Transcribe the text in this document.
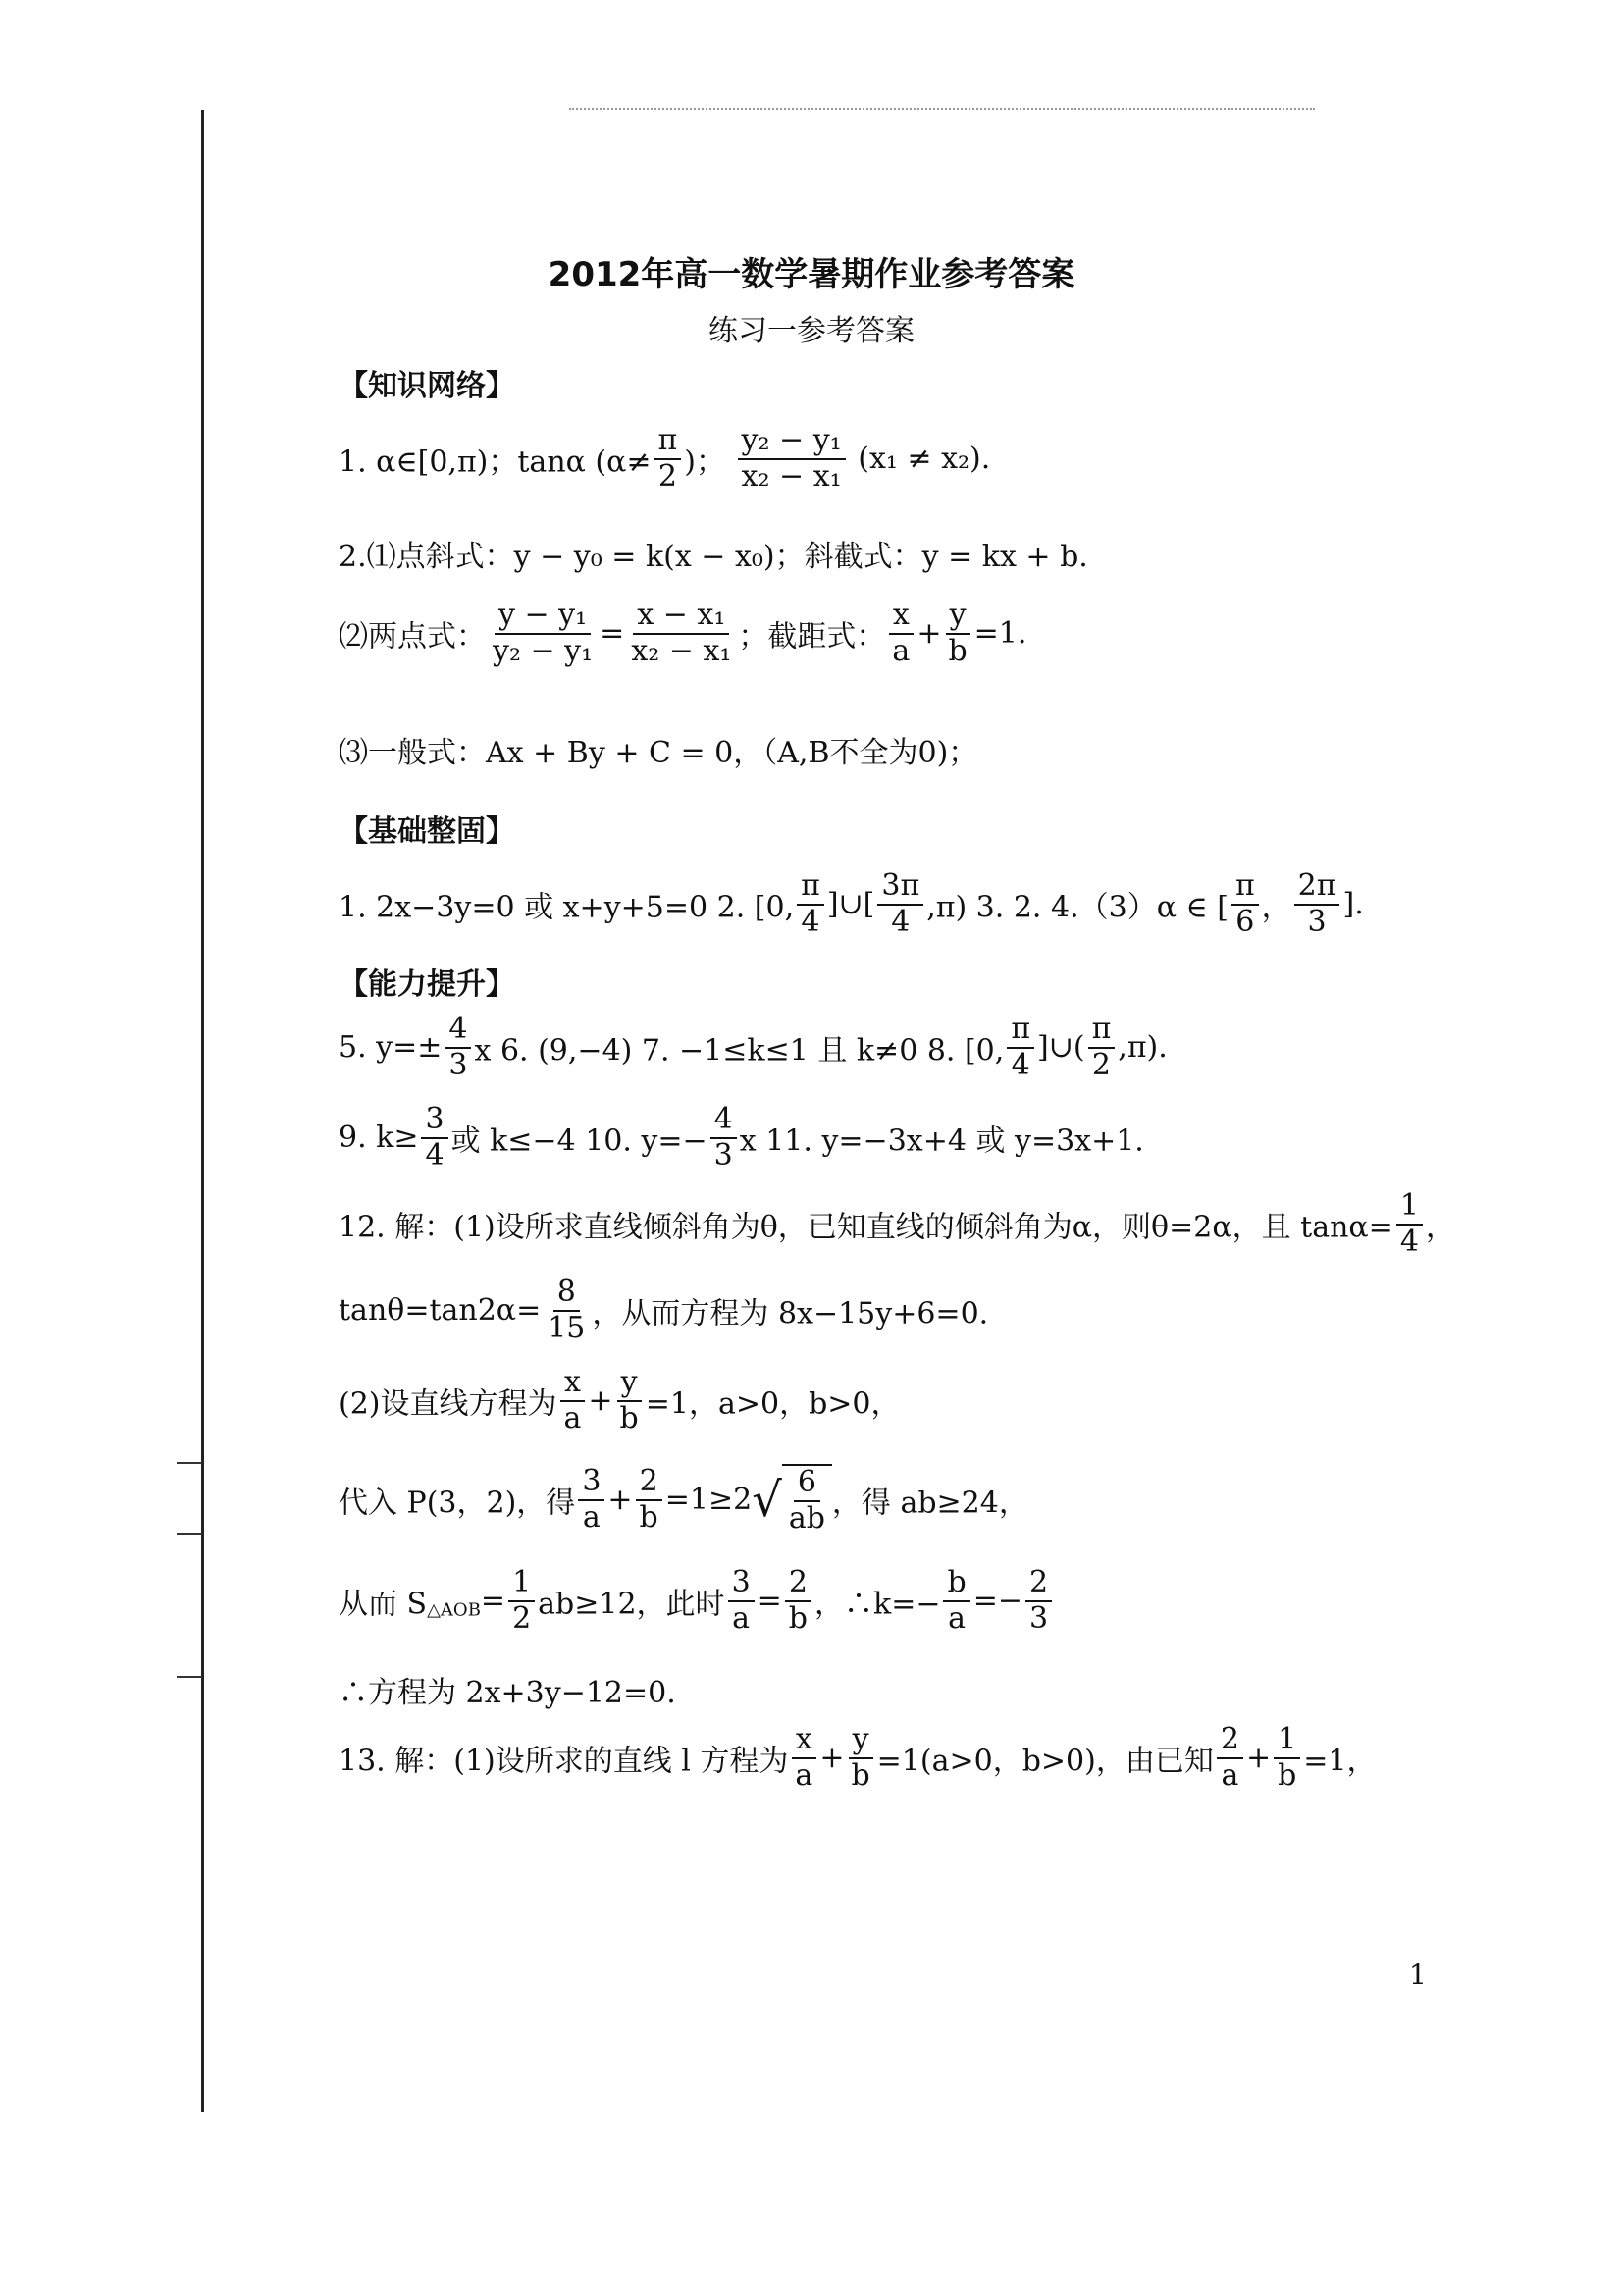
2012年高一数学暑期作业参考答案
练习一参考答案
【知识网络】
1. α∈[0,π)；tanα ($\alpha\ne \frac{\pi}{2}$ )； $\frac{\text{y₂ − y₁}}{\text{x₂ − x₁}} (x_1 \ne x_2)$.
2.⑴点斜式：y − y₀ = k(x − x₀)；斜截式：y = kx + b.
⑵两点式： $\frac{\text{y − y₁}}{\text{y₂ − y₁}} = \frac{\text{x − x₁}}{\text{x₂ − x₁}}$ ；截距式： $\frac{x}{a} + \frac{y}{b} =1$.
⑶一般式：Ax + By + C = 0，（A,B不全为0)；
【基础整固】
1. 2x−3y=0 或 x+y+5=0 2. [0, $\frac{\pi}{4}$ ]∪[ $\frac{3\pi}{4} ,\pi$) 3. 2. 4.（3）α ∈ [ $\frac{\pi}{6}$ ， $\frac{2\pi}{3}$ ].
【能力提升】
5. $y=\pm \frac{4}{3}$ x 6. (9,−4) 7. −1≤k≤1 且 k≠0 8. [0, $\frac{\pi}{4}$ ]∪( $\frac{\pi}{2} ,\pi$).
9. $k\ge \frac{3}{4}$ 或 k≤−4 10. $y=- \frac{4}{3}$ x 11. y=−3x+4 或 y=3x+1.
12. 解：(1)设所求直线倾斜角为θ，已知直线的倾斜角为α，则θ=2α，且 $\tan\alpha= \frac{1}{4}$ ，
$\tan\theta=\tan 2\alpha= \frac{8}{15}$ ，从而方程为 8x−15y+6=0.
(2)设直线方程为 $\frac{x}{a} + \frac{y}{b} =1$，a>0，b>0，
代入 P(3，2)，得 $\frac{3}{a} + \frac{2}{b} =1\ge 2$ √ $\frac{6}{ab}$ ，得 ab≥24，
从而 $S_{\triangle AOB}= \frac{1}{2} ab\ge 12$，此时 $\frac{3}{a} = \frac{2}{b}$ ，∴k=− $\frac{b}{a} =- \frac{2}{3}$
∴方程为 2x+3y−12=0.
13. 解：(1)设所求的直线 l 方程为 $\frac{x}{a} + \frac{y}{b} =1(a>0$，b>0)，由已知 $\frac{2}{a} + \frac{1}{b} =1$，
1
